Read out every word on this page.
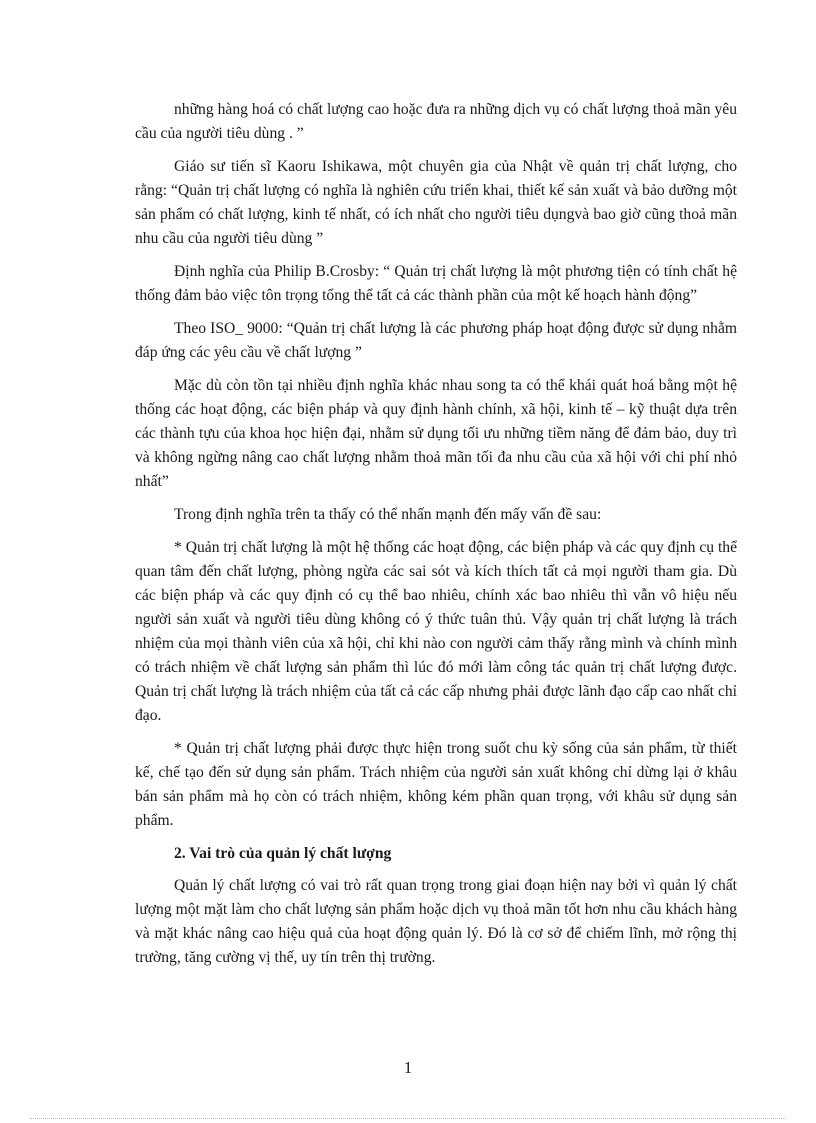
những hàng hoá có chất lượng cao hoặc đưa ra những dịch vụ có chất lượng thoả mãn yêu cầu của người tiêu dùng . ”

Giáo sư tiến sĩ Kaoru Ishikawa, một chuyên gia của Nhật về quản trị chất lượng, cho rằng: “Quản trị chất lượng có nghĩa là nghiên cứu triển khai, thiết kế sản xuất và bảo dưỡng một sản phẩm có chất lượng, kinh tế nhất, có ích nhất cho người tiêu dụngvà bao giờ cũng thoả mãn nhu cầu của người tiêu dùng ”

Định nghĩa của Philip B.Crosby: “ Quản trị chất lượng là một phương tiện có tính chất hệ thống đảm bảo việc tôn trọng tổng thể tất cả các thành phần của một kế hoạch hành động”

Theo ISO_ 9000: “Quản trị chất lượng là các phương pháp hoạt động được sử dụng nhằm đáp ứng các yêu cầu về chất lượng ”

Mặc dù còn tồn tại nhiều định nghĩa khác nhau song ta có thể khái quát hoá bằng một hệ thống các hoạt động, các biện pháp và quy định hành chính, xã hội, kinh tế – kỹ thuật dựa trên các thành tựu của khoa học hiện đại, nhằm sử dụng tối ưu những tiềm năng để đảm bảo, duy trì và không ngừng nâng cao chất lượng nhằm thoả mãn tối đa nhu cầu của xã hội với chi phí nhỏ nhất”

Trong định nghĩa trên ta thấy có thể nhấn mạnh đến mấy vấn đề sau:

* Quản trị chất lượng là một hệ thống các hoạt động, các biện pháp và các quy định cụ thể quan tâm đến chất lượng, phòng ngừa các sai sót và kích thích tất cả mọi người tham gia. Dù các biện pháp và các quy định có cụ thể bao nhiêu, chính xác bao nhiêu thì vẫn vô hiệu nếu người sản xuất và người tiêu dùng không có ý thức tuân thủ. Vậy quản trị chất lượng là trách nhiệm của mọi thành viên của xã hội, chỉ khi nào con người cảm thấy rằng mình và chính mình có trách nhiệm về chất lượng sản phẩm thì lúc đó mới làm công tác quản trị chất lượng được. Quản trị chất lượng là trách nhiệm của tất cả các cấp nhưng phải được lãnh đạo cấp cao nhất chỉ đạo.

* Quản trị chất lượng phải được thực hiện trong suốt chu kỳ sống của sản phẩm, từ thiết kế, chế tạo đến sử dụng sản phẩm. Trách nhiệm của người sản xuất không chỉ dừng lại ở khâu bán sản phẩm mà họ còn có trách nhiệm, không kém phần quan trọng, với khâu sử dụng sản phẩm.

2. Vai trò của quản lý chất lượng

Quản lý chất lượng có vai trò rất quan trọng trong giai đoạn hiện nay bởi vì quản lý chất lượng một mặt làm cho chất lượng sản phẩm hoặc dịch vụ thoả mãn tốt hơn nhu cầu khách hàng và mặt khác nâng cao hiệu quả của hoạt động quản lý. Đó là cơ sở để chiếm lĩnh, mở rộng thị trường, tăng cường vị thế, uy tín trên thị trường.

1
